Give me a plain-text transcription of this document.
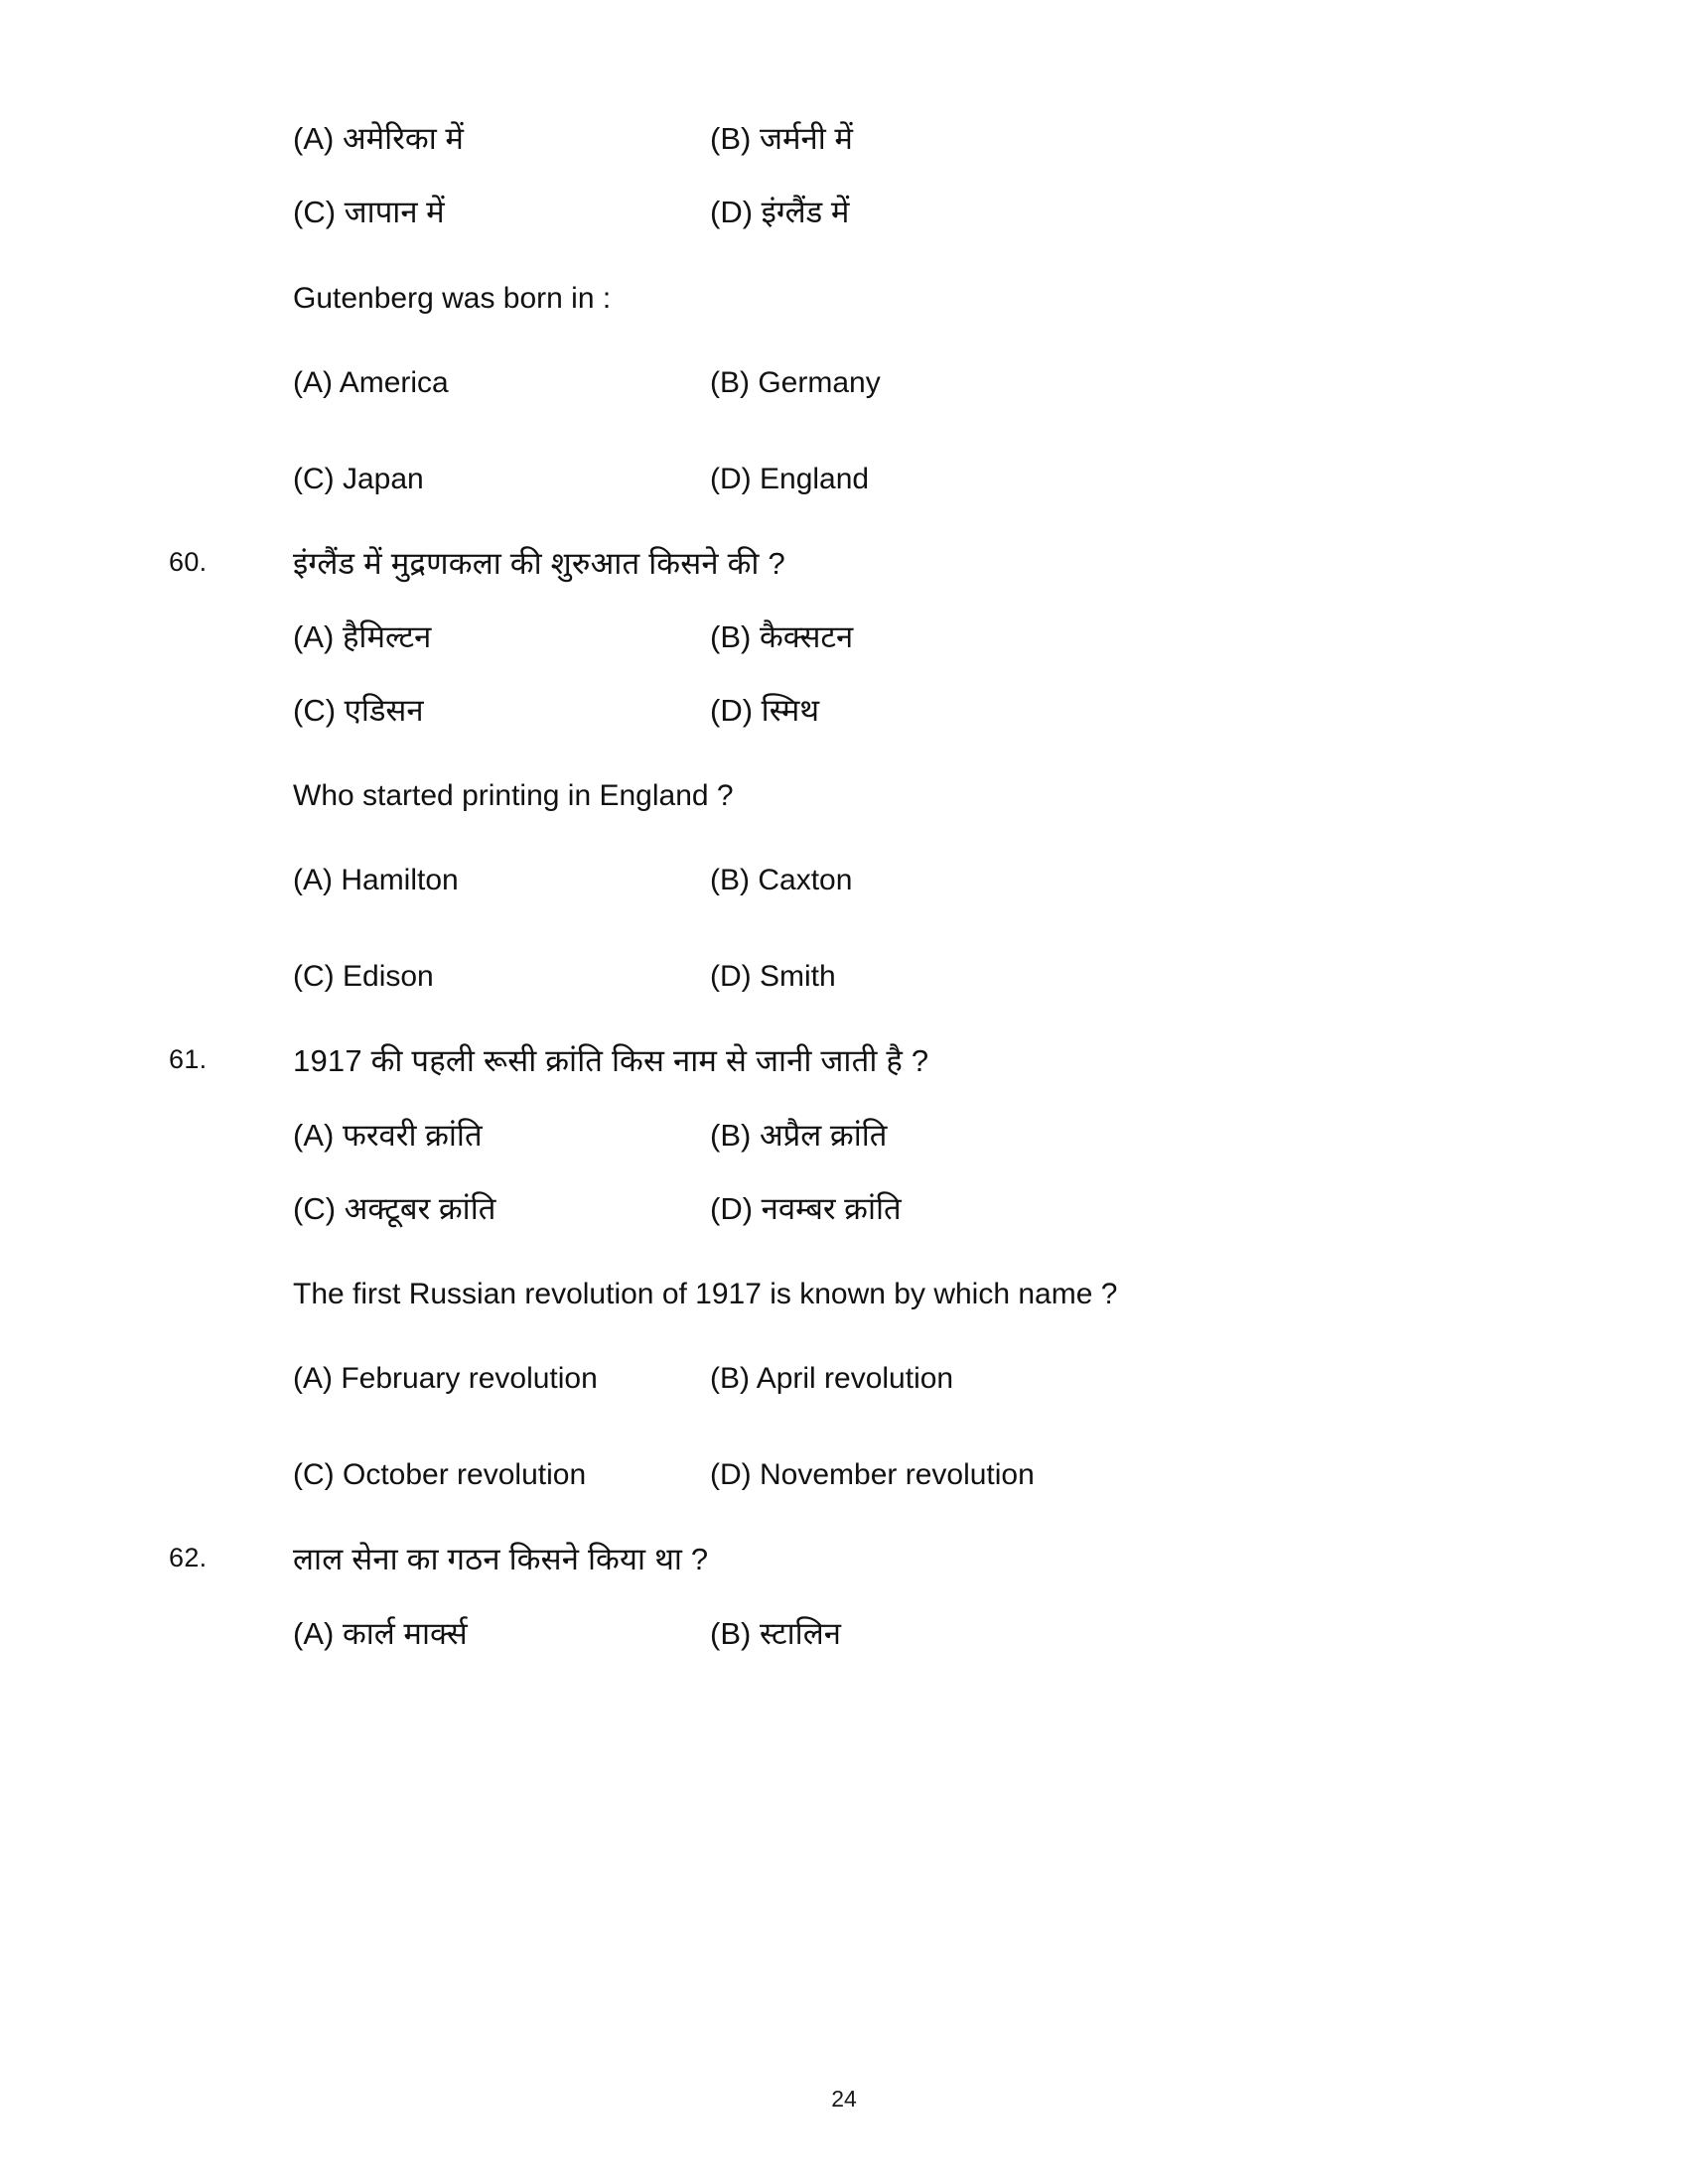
(A) अमेरिका में	(B) जर्मनी में
(C) जापान में	(D) इंग्लैंड में
Gutenberg was born in :
(A) America	(B) Germany
(C) Japan	(D) England
60.	इंग्लैंड में मुद्रणकला की शुरुआत किसने की ?
(A) हैमिल्टन	(B) कैक्सटन
(C) एडिसन	(D) स्मिथ
Who started printing in England ?
(A) Hamilton	(B) Caxton
(C) Edison	(D) Smith
61.	1917 की पहली रूसी क्रांति किस नाम से जानी जाती है ?
(A) फरवरी क्रांति	(B) अप्रैल क्रांति
(C) अक्टूबर क्रांति	(D) नवम्बर क्रांति
The first Russian revolution of 1917 is known by which name ?
(A) February revolution	(B) April revolution
(C) October revolution	(D) November revolution
62.	लाल सेना का गठन किसने किया था ?
(A) कार्ल मार्क्स	(B) स्टालिन
24
